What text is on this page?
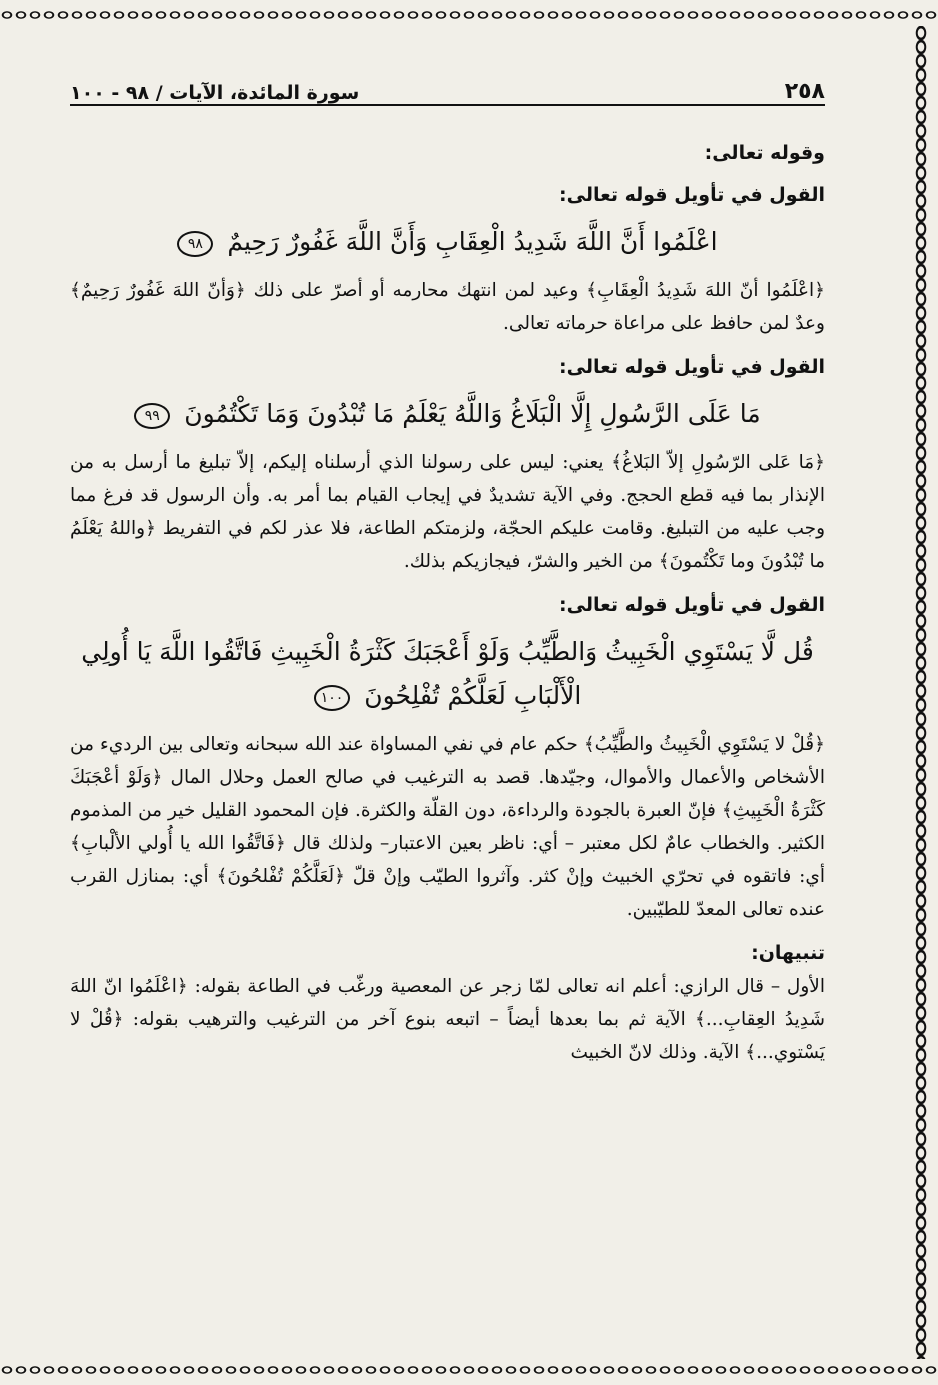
٢٥٨
سورة المائدة، الآيات / ٩٨ - ١٠٠

وقوله تعالى:

القول في تأويل قوله تعالى:

اعْلَمُوا أَنَّ اللَّهَ شَدِيدُ الْعِقَابِ وَأَنَّ اللَّهَ غَفُورٌ رَحِيمٌ ٩٨

﴿اعْلَمُوا أنّ اللهَ شَدِيدُ الْعِقَابِ﴾ وعيد لمن انتهك محارمه أو أصرّ على ذلك ﴿وَأنّ اللهَ غَفُورٌ رَحِيمٌ﴾ وعدٌ لمن حافظ على مراعاة حرماته تعالى.

القول في تأويل قوله تعالى:

مَا عَلَى الرَّسُولِ إِلَّا الْبَلَاغُ وَاللَّهُ يَعْلَمُ مَا تُبْدُونَ وَمَا تَكْتُمُونَ ٩٩

﴿مَا عَلى الرّسُولِ إلاّ البَلاغُ﴾ يعني: ليس على رسولنا الذي أرسلناه إليكم، إلاّ تبليغ ما أرسل به من الإنذار بما فيه قطع الحجج. وفي الآية تشديدٌ في إيجاب القيام بما أمر به. وأن الرسول قد فرغ مما وجب عليه من التبليغ. وقامت عليكم الحجّة، ولزمتكم الطاعة، فلا عذر لكم في التفريط ﴿واللهُ يَعْلَمُ ما تُبْدُونَ وما تَكْتُمونَ﴾ من الخير والشرّ، فيجازيكم بذلك.

القول في تأويل قوله تعالى:

قُل لَّا يَسْتَوِي الْخَبِيثُ وَالطَّيِّبُ وَلَوْ أَعْجَبَكَ كَثْرَةُ الْخَبِيثِ فَاتَّقُوا اللَّهَ يَا أُولِي الْأَلْبَابِ لَعَلَّكُمْ تُفْلِحُونَ ١٠٠

﴿قُلْ لا يَسْتَوِي الْخَبِيثُ والطَّيِّبُ﴾ حكم عام في نفي المساواة عند الله سبحانه وتعالى بين الرديء من الأشخاص والأعمال والأموال، وجيّدها. قصد به الترغيب في صالح العمل وحلال المال ﴿وَلَوْ أعْجَبَكَ كَثْرَةُ الْخَبِيثِ﴾ فإنّ العبرة بالجودة والرداءة، دون القلّة والكثرة. فإن المحمود القليل خير من المذموم الكثير. والخطاب عامٌ لكل معتبر – أي: ناظر بعين الاعتبار– ولذلك قال ﴿فَاتَّقُوا الله يا أُولي الألْبابِ﴾ أي: فاتقوه في تحرّي الخبيث وإنْ كثر. وآثروا الطيّب وإنْ قلّ ﴿لَعَلَّكُمْ تُفْلحُونَ﴾ أي: بمنازل القرب عنده تعالى المعدّ للطيّبين.

تنبيهان:

الأول – قال الرازي: أعلم انه تعالى لمّا زجر عن المعصية ورغّب في الطاعة بقوله: ﴿اعْلَمُوا انّ اللهَ شَدِيدُ العِقابِ...﴾ الآية ثم بما بعدها أيضاً – اتبعه بنوع آخر من الترغيب والترهيب بقوله: ﴿قُلْ لا يَسْتوي...﴾ الآية. وذلك لانّ الخبيث
